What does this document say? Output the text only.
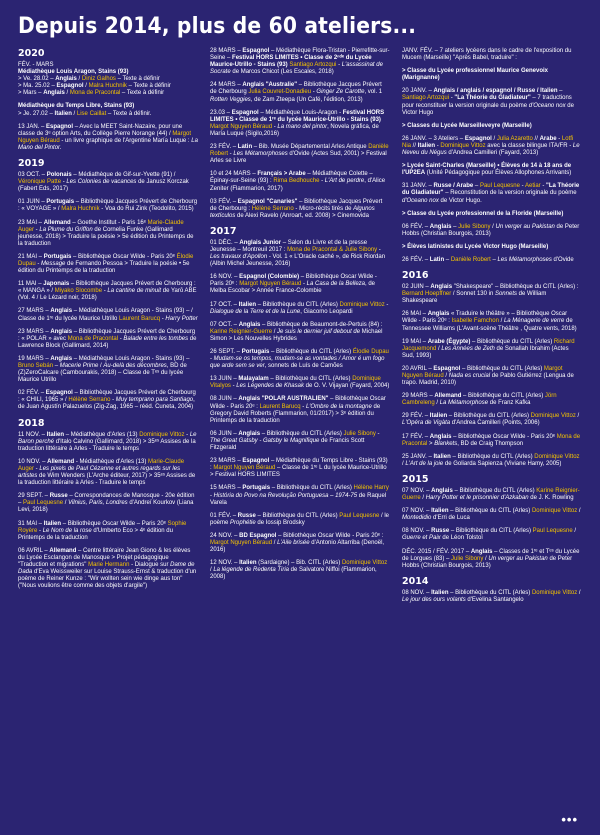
Depuis 2014, plus de 60 ateliers...
2020
FÉV. - MARS
Médiathèque Louis Aragon, Stains (93)
> Ve. 28.02 – Anglais / Diniz Galhos – Texte à définir
> Ma. 25.02 – Espagnol / Malra Huchnik – Texte à définir
> Mars – Anglais / Mona de Pracontal – Texte à définir
Médiathèque du Temps Libre, Stains (93)
> Je. 27.02 – Italien / Lise Caillat – Texte à définir.
13 JAN. – Espagnol – Avec la MEET Saint-Nazaire, pour une classe de 3ᵉ option Arts, du Collège Pierre Norange (44) / Margot Nguyen Béraud - un livre graphique de l'Argentine María Luque : La Mano del Pintor.
2019
03 OCT. – Polonais – Médiathèque de Gif-sur-Yvette (91) / Véronique Patte - Les Colonies de vacances de Janusz Korczak (Fabert Eds, 2017)
01 JUIN – Portugais – Bibliothèque Jacques Prévert de Cherbourg : « VOYAGE » / Malra Huchnik - Voa do Rui Zink (Teodolito, 2015)
23 MAI – Allemand – Goethe Institut - Paris 16ᵉ Marie-Claude Auger - La Plume du Griffon de Cornelia Funke (Gallimard jeunesse, 2018) > Traduire la poésie > 5e édition du Printemps de la traduction
21 MAI – Portugais – Bibliothèque Oscar Wilde - Paris 20ᵉ Élodie Dupau - Message de Fernando Pessoa > Traduire la poésie • 5e édition du Printemps de la traduction
11 MAI – Japonais – Bibliothèque Jacques Prévert de Cherbourg : « MANGA » / Miyako Slocombe - La cantine de minuit de Yarō ABE (Vol. 4 / Le Lézard noir, 2018)
27 MARS – Anglais – Médiathèque Louis Aragon - Stains (93) – / Classe de 1ʳᵉ du lycée Maurice Utrillo Laurent Barucq - Harry Potter
23 MARS – Anglais – Bibliothèque Jacques Prévert de Cherbourg : « POLAR » avec Mona de Pracontal - Balade entre les tombes de Lawrence Block (Gallimard, 2014)
19 MARS – Anglais – Médiathèque Louis Aragon - Stains (93) – Bruno Sebán – Macerie Prime / Au-delà des décombres, BD de (Z)ZeroCalcare (Cambourakis, 2018) – Classe de Tᵉˢ du lycée Maurice Utrillo
02 FÉV. – Espagnol – Bibliothèque Jacques Prévert de Cherbourg : « CHILI, 1965 » / Hélène Serrano - Muy temprano para Santiago, de Juan Agustín Palazuelos (Zig-Zag, 1965 – rééd. Cuneta, 2004)
2018
11 NOV. – Italien – Médiathèque d'Arles (13) Dominique Vittoz - Le Baron perché d'Italo Calvino (Gallimard, 2018) > 35ᵉˢ Assises de la traduction littéraire à Arles - Traduire le temps
10 NOV. – Allemand - Médiathèque d'Arles (13) Marie-Claude Auger - Les pixels de Paul Cézanne et autres regards sur les artistes de Wim Wenders (L'Arche éditeur, 2017) > 35ᵉˢ Assises de la traduction littéraire à Arles - Traduire le temps
29 SEPT. – Russe – Correspondances de Manosque - 20e édition – Paul Lequesne / Vilnius, Paris, Londres d'Andreï Kourkov (Liana Levi, 2018)
31 MAI – Italien – Bibliothèque Oscar Wilde – Paris 20ᵉ Sophie Royère - Le Nom de la rose d'Umberto Eco > 4ᵉ édition du Printemps de la traduction
06 AVRIL – Allemand – Centre littéraire Jean Giono & les élèves du Lycée Esclangon de Manosque > Projet pédagogique "Traduction et migrations" Marie Hermann - Dialogue sur Dame de Dada d'Eva Weissweiler sur Louise Strauss-Ernst & traduction d'un poème de Reiner Kunze : "Wir wollten sein wie dinge aus ton" ("Nous voulions être comme des objets d'argile")
28 MARS – Espagnol – Médiathèque Flora-Tristan - Pierrefitte-sur-Seine – Festival HORS LIMITES • Classe de 2ⁿᵈᵉ du Lycée Maurice-Utrillo - Stains (93) Santiago Artozqui - L'assassinat de Socrate de Marcos Chicot (Les Escales, 2018)
24 MARS – Anglais "Australie" – Bibliothèque Jacques Prévert de Cherbourg Julia Couvret-Donadieu - Ginger Ze Carotte, vol. 1 Rotten Veggies, de Zam Zteepa (Un Café, l'édition, 2013)
23.03 – Espagnol – Médiathèque Louis-Aragon - Festival HORS LIMITES • Classe de 1ʳᵉ du lycée Maurice-Utrillo - Stains (93) Margot Nguyen Béraud - La mano del pintor, Novela gráfica, de María Luque (Sigilo,2016)
23 FÉV. – Latin – Bib. Musée Départemental Arles Antique Danièle Robert - Les Métamorphoses d'Ovide (Actes Sud, 2001) > Festival Arles se Livre
10 et 24 MARS – Français > Arabe – Médiathèque Colette – Épinay-sur-Seine (93) : Rima Bedhouche - L'Art de perdre, d'Alice Zeniter (Flammarion, 2017)
03 FÉV. – Espagnol "Canaries" – Bibliothèque Jacques Prévert de Cherbourg : Hélène Serrano - Micro-récits tirés de Algunos textículos de Alexi Ravelo (Anroart, ed. 2008) > Cinemovida
2017
01 DÉC. – Anglais Junior – Salon du Livre et de la presse Jeunesse – Montreuil 2017 : Mona de Pracontal & Julie Sibony - Les travaux d'Apollon - Vol. 1 « L'Oracle caché », de Rick Riordan (Albin Michel Jeunesse, 2016)
16 NOV. – Espagnol (Colombie) – Bibliothèque Oscar Wilde - Paris 20ᵉ : Margot Nguyen Béraud - La Casa de la Belleza, de Melba Escobar > Année France-Colombie
17 OCT. – Italien – Bibliothèque du CITL (Arles) Dominique Vittoz - Dialogue de la Terre et de la Lune, Giacomo Leopardi
07 OCT. – Anglais – Bibliothèque de Beaumont-de-Pertuis (84) : Karine Reignier-Guerre / Je suis le dernier juif debout de Michael Simon > Les Nouvelles Hybrides
26 SEPT. – Portugais – Bibliothèque du CITL (Arles) Élodie Dupau - Mudam-se os tempos, mudam-se as vontades / Amor é um fogo que arde sem se ver, sonnets de Luís de Camões
13 JUIN – Malayalam – Bibliothèque du CITL (Arles) Dominique Vitalyos - Les Légendes de Khasak de O. V. Vijayan (Fayard, 2004)
08 JUIN – Anglais "POLAR AUSTRALIEN" – Bibliothèque Oscar Wilde - Paris 20ᵉ : Laurent Barucq - L'Ombre de la montagne de Gregory David Roberts (Flammarion, 01/2017) > 3ᵉ édition du Printemps de la traduction
06 JUIN – Anglais – Bibliothèque du CITL (Arles) Julie Sibony - The Great Gatsby - Gatsby le Magnifique de Francis Scott Fitzgerald
23 MARS – Espagnol – Médiathèque du Temps Libre - Stains (93) : Margot Nguyen Béraud – Classe de 1ʳᵉ L du lycée Maurice-Utrillo > Festival HORS LIMITES
15 MARS – Portugais – Bibliothèque du CITL (Arles) Hélène Harry - História do Povo na Revolução Portuguesa – 1974-75 de Raquel Varela
01 FÉV. – Russe – Bibliothèque du CITL (Arles) Paul Lequesne / le poème Prophétie de Iossip Brodsky
24 NOV. – BD Espagnol – Bibliothèque Oscar Wilde - Paris 20ᵉ : Margot Nguyen Béraud / L'Aile brisée d'Antonio Altarriba (Denoël, 2016)
12 NOV. – Italien (Sardaigne) – Bib. CITL (Arles) Dominique Vittoz / La légende de Redenta Tiria de Salvatore Niffoi (Flammarion, 2008)
JANV. FÉV. – 7 ateliers lycéens dans le cadre de l'exposition du Mucem (Marseille) "Après Babel, traduire" :
> Classe du Lycée professionnel Maurice Genevoix (Marignanne)
20 JANV. – Anglais / anglais / espagnol / Russe / Italien – Santiago Artozqui - "La Théorie du Gladiateur" – 7 traductions pour reconstituer la version originale du poème d'Oceano nox de Victor Hugo
> Classes du Lycée Marseilleveyre (Marseille)
26 JANV. – 3 Ateliers – Espagnol / Julia Azaretto // Arabe - Lotfi Nia // Italien - Dominique Vittoz avec la classe bilingue ITA/FR - Le Neveu du Négus d'Andrea Camilleri (Fayard, 2013)
> Lycée Saint-Charles (Marseille) • Élèves de 14 à 18 ans de l'UP2EA (Unité Pédagogique pour Élèves Allophones Arrivants)
31 JANV. – Russe / Arabe – Paul Lequesne - Aetiar - "La Théorie du Gladiateur" – Reconstitution de la version originale du poème d'Oceano nox de Victor Hugo.
> Classe du Lycée professionnel de la Floride (Marseille)
06 FÉV. – Anglais – Julie Sibony / Un verger au Pakistan de Peter Hobbs (Christian Bourgois, 2013)
> Élèves latinistes du Lycée Victor Hugo (Marseille)
26 FÉV. – Latin – Danièle Robert – Les Métamorphoses d'Ovide
2016
02 JUIN – Anglais "Shakespeare" – Bibliothèque du CITL (Arles) : Bernard Hoepffner / Sonnet 130 in Sonnets de William Shakespeare
26 MAI – Anglais « Traduire le théâtre » – Bibliothèque Oscar Wilde - Paris 20ᵉ : Isabelle Famchon / La Ménagerie de verre de Tennessee Williams (L'Avant-scène Théâtre , Quatre vents, 2018)
19 MAI – Arabe (Égypte) – Bibliothèque du CITL (Arles) Richard Jacquemond / Les Années de Zeth de Sonallah Ibrahim (Actes Sud, 1993)
20 AVRIL – Espagnol – Bibliothèque du CITL (Arles) Margot Nguyen Béraud / Nada es crucial de Pablo Gutiérrez (Lengua de trapo. Madrid, 2010)
29 MARS – Allemand – Bibliothèque du CITL (Arles) Jörn Cambreleng / La Métamorphose de Franz Kafka
29 FÉV. – Italien – Bibliothèque du CITL (Arles) Dominique Vittoz / L'Opéra de Vigàta d'Andrea Camilleri (Points, 2006)
17 FÉV. – Anglais – Bibliothèque Oscar Wilde - Paris 20ᵉ Mona de Pracontal > Blankets, BD de Craig Thompson
25 JANV. – Italien – Bibliothèque du CITL (Arles) Dominique Vittoz / L'Art de la joie de Goliarda Sapienza (Viviane Hamy, 2005)
2015
07 NOV. – Anglais – Bibliothèque du CITL (Arles) Karine Reignier-Guerre / Harry Potter et le prisonnier d'Azkaban de J. K. Rowling
07 NOV. – Italien – Bibliothèque du CITL (Arles) Dominique Vittoz / Montedidio d'Erri de Luca
08 NOV. – Russe – Bibliothèque du CITL (Arles) Paul Lequesne / Guerre et Paix de Léon Tolstoï
DÉC. 2015 / FÉV. 2017 – Anglais – Classes de 1ʳᵉ et Tᵉˢ du Lycée de Lorgues (83) – Julie Sibony / Un verger au Pakistan de Peter Hobbs (Christian Bourgois, 2013)
2014
08 NOV. – Italien – Bibliothèque du CITL (Arles) Dominique Vittoz / Le jour des ours volants d'Evelina Santangelo
•••
